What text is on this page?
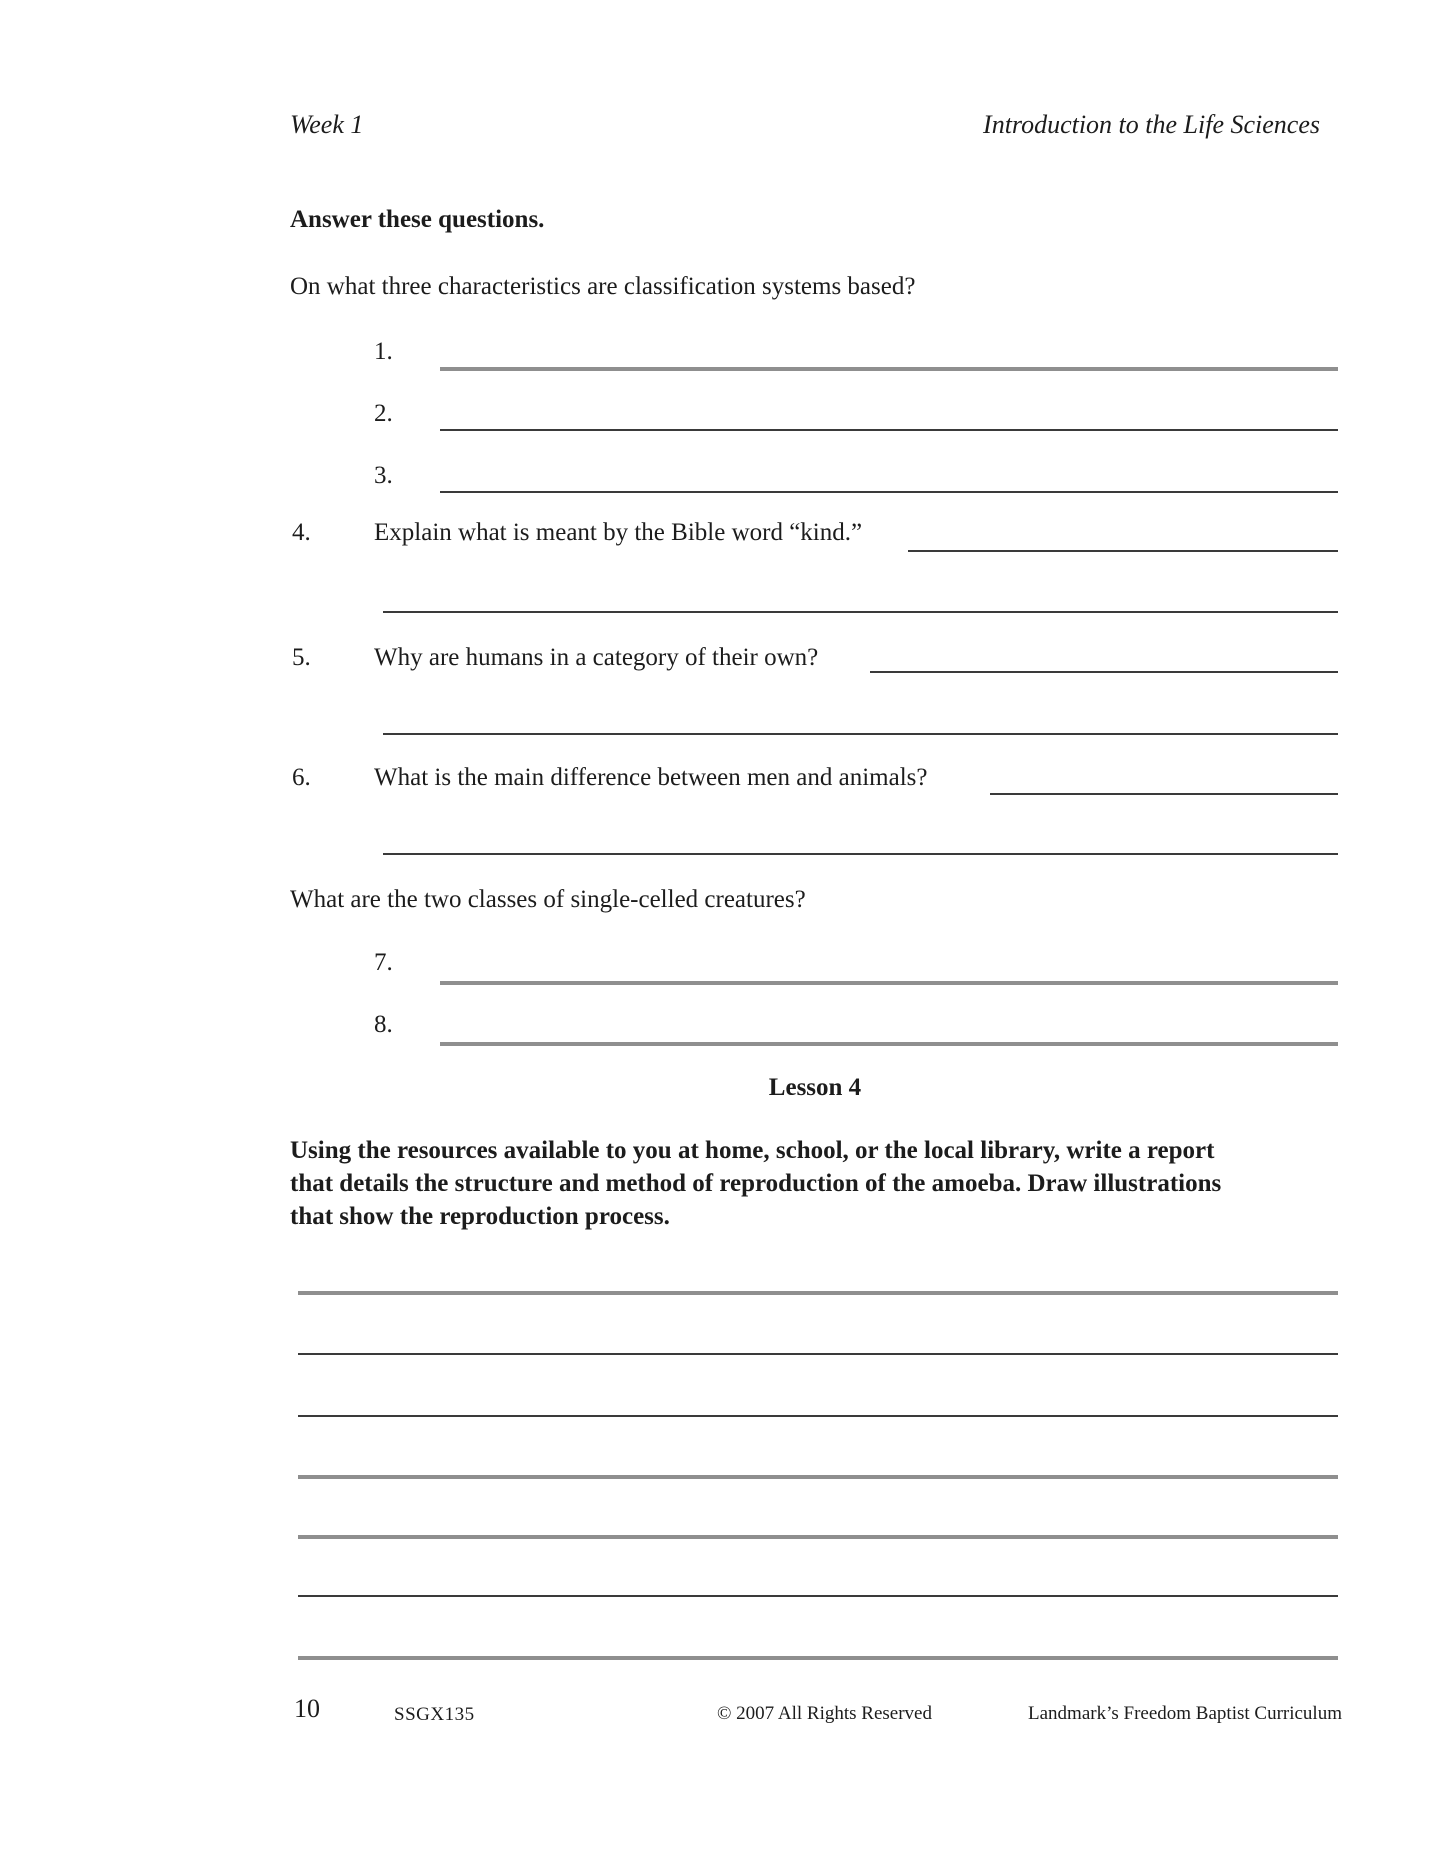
Week 1	Introduction to the Life Sciences
Answer these questions.
On what three characteristics are classification systems based?
1.
2.
3.
4.	Explain what is meant by the Bible word “kind.”
5.	Why are humans in a category of their own?
6.	What is the main difference between men and animals?
What are the two classes of single-celled creatures?
7.
8.
Lesson 4
Using the resources available to you at home, school, or the local library, write a report
that details the structure and method of reproduction of the amoeba. Draw illustrations
that show the reproduction process.
10	SSGX135	© 2007 All Rights Reserved	Landmark’s Freedom Baptist Curriculum
